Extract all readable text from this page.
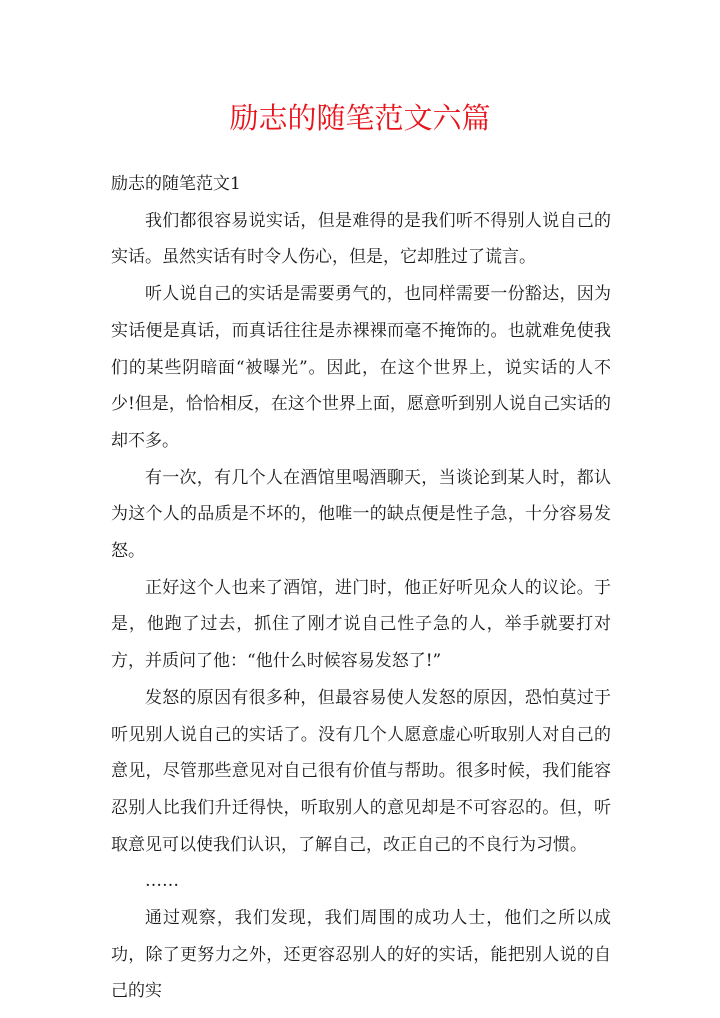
励志的随笔范文六篇

励志的随笔范文1

我们都很容易说实话，但是难得的是我们听不得别人说自己的实话。虽然实话有时令人伤心，但是，它却胜过了谎言。

听人说自己的实话是需要勇气的，也同样需要一份豁达，因为实话便是真话，而真话往往是赤裸裸而毫不掩饰的。也就难免使我们的某些阴暗面“被曝光”。因此，在这个世界上，说实话的人不少!但是，恰恰相反，在这个世界上面，愿意听到别人说自己实话的却不多。

有一次，有几个人在酒馆里喝酒聊天，当谈论到某人时，都认为这个人的品质是不坏的，他唯一的缺点便是性子急，十分容易发怒。

正好这个人也来了酒馆，进门时，他正好听见众人的议论。于是，他跑了过去，抓住了刚才说自己性子急的人，举手就要打对方，并质问了他：“他什么时候容易发怒了!”

发怒的原因有很多种，但最容易使人发怒的原因，恐怕莫过于听见别人说自己的实话了。没有几个人愿意虚心听取别人对自己的意见，尽管那些意见对自己很有价值与帮助。很多时候，我们能容忍别人比我们升迁得快，听取别人的意见却是不可容忍的。但，听取意见可以使我们认识，了解自己，改正自己的不良行为习惯。

……

通过观察，我们发现，我们周围的成功人士，他们之所以成功，除了更努力之外，还更容忍别人的好的实话，能把别人说的自己的实
